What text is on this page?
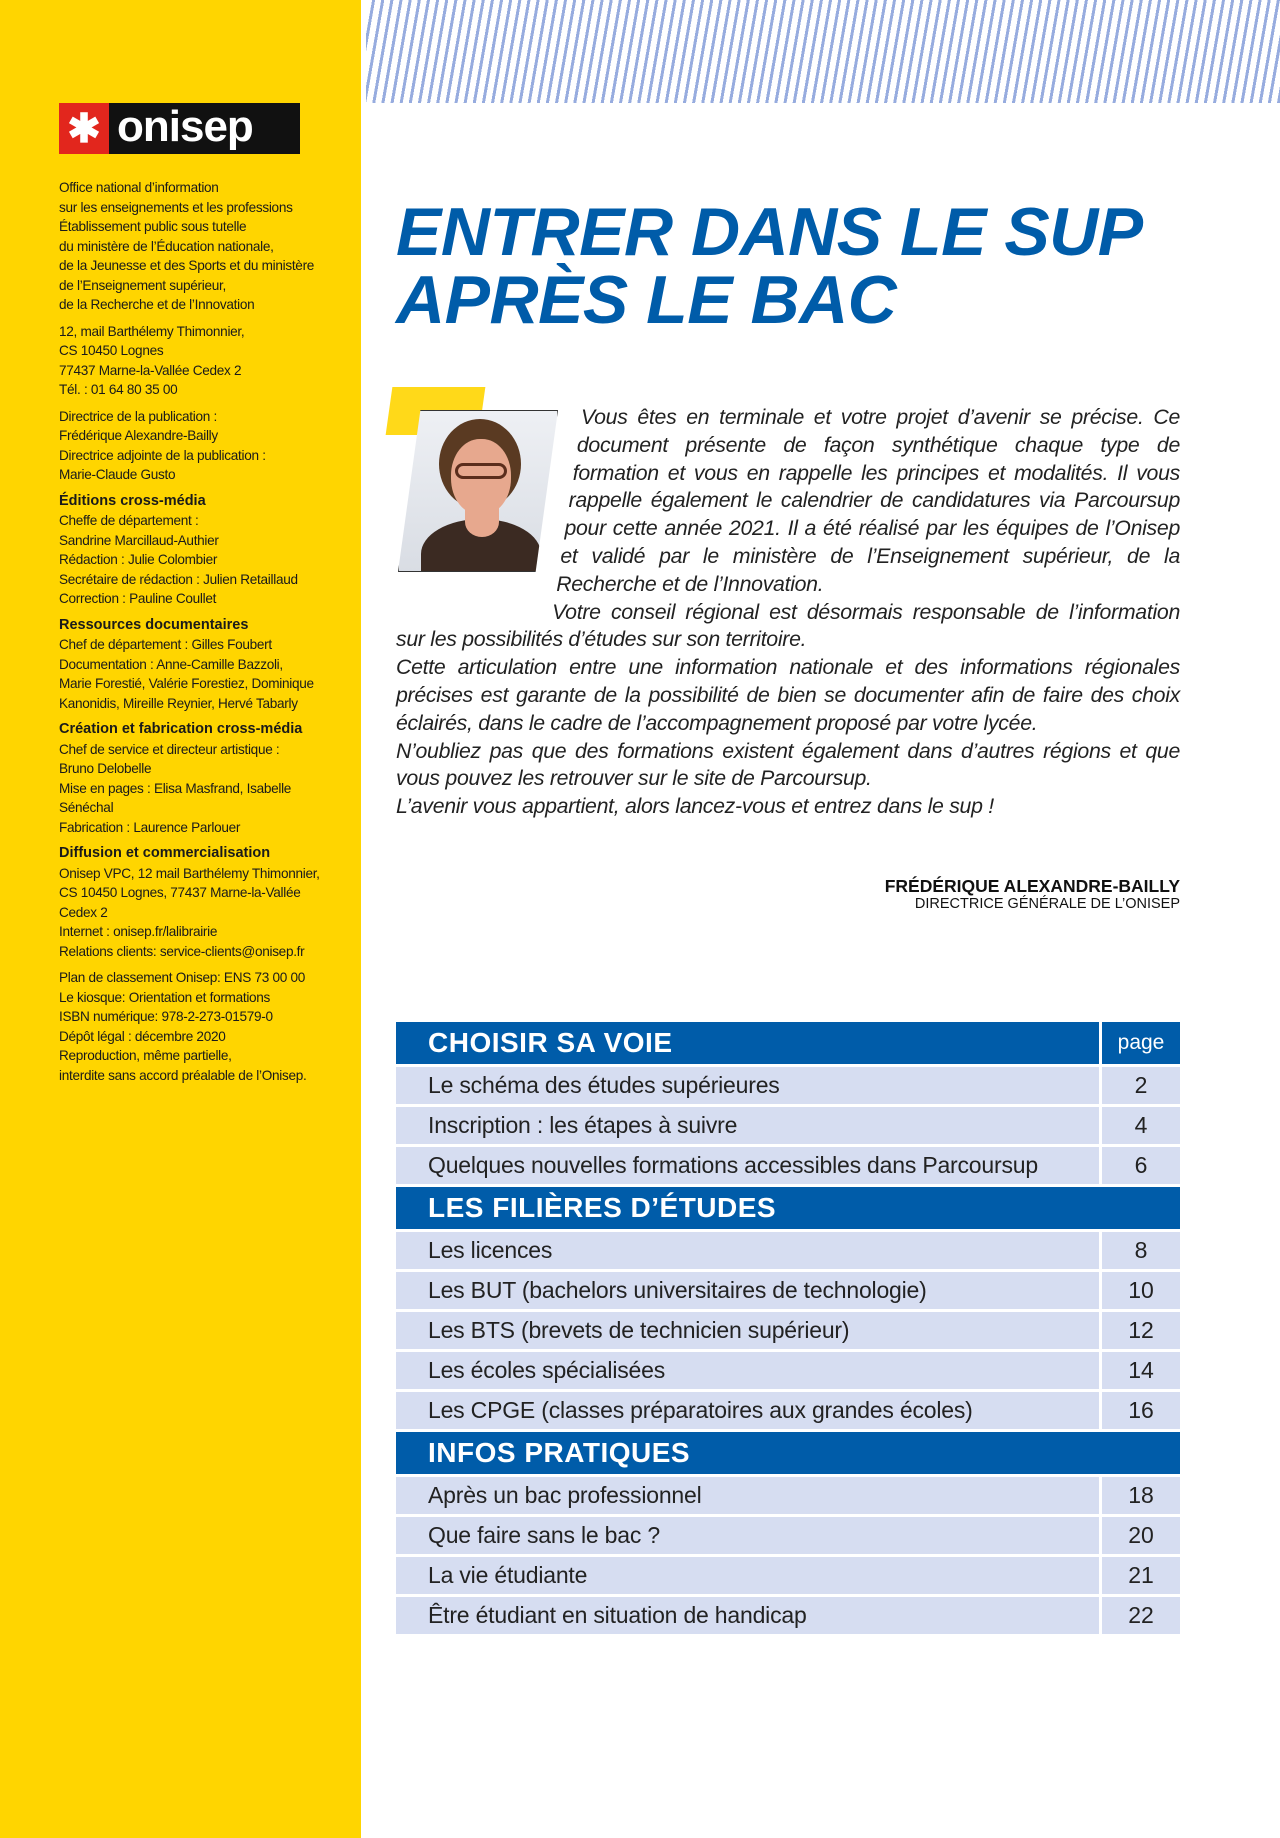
✱ onisep
Office national d’information
sur les enseignements et les professions
Établissement public sous tutelle
du ministère de l’Éducation nationale,
de la Jeunesse et des Sports et du ministère
de l’Enseignement supérieur,
de la Recherche et de l’Innovation
12, mail Barthélemy Thimonnier,
CS 10450 Lognes
77437 Marne-la-Vallée Cedex 2
Tél. : 01 64 80 35 00
Directrice de la publication :
Frédérique Alexandre-Bailly
Directrice adjointe de la publication :
Marie-Claude Gusto
Éditions cross-média
Cheffe de département :
Sandrine Marcillaud-Authier
Rédaction : Julie Colombier
Secrétaire de rédaction : Julien Retaillaud
Correction : Pauline Coullet
Ressources documentaires
Chef de département : Gilles Foubert
Documentation : Anne-Camille Bazzoli,
Marie Forestié, Valérie Forestiez, Dominique
Kanonidis, Mireille Reynier, Hervé Tabarly
Création et fabrication cross-média
Chef de service et directeur artistique :
Bruno Delobelle
Mise en pages : Elisa Masfrand, Isabelle
Sénéchal
Fabrication : Laurence Parlouer
Diffusion et commercialisation
Onisep VPC, 12 mail Barthélemy Thimonnier,
CS 10450 Lognes, 77437 Marne-la-Vallée
Cedex 2
Internet : onisep.fr/lalibrairie
Relations clients: service-clients@onisep.fr
Plan de classement Onisep: ENS 73 00 00
Le kiosque: Orientation et formations
ISBN numérique: 978-2-273-01579-0
Dépôt légal : décembre 2020
Reproduction, même partielle,
interdite sans accord préalable de l’Onisep.
ENTRER DANS LE SUP
APRÈS LE BAC

Vous êtes en terminale et votre projet d’avenir se précise. Ce document présente de façon synthétique chaque type de formation et vous en rappelle les principes et modalités. Il vous rappelle également le calendrier de candidatures via Parcoursup pour cette année 2021. Il a été réalisé par les équipes de l’Onisep et validé par le ministère de l’Enseignement supérieur, de la Recherche et de l’Innovation.

Votre conseil régional est désormais responsable de l’information sur les possibilités d’études sur son territoire.

Cette articulation entre une information nationale et des informations régionales précises est garante de la possibilité de bien se documenter afin de faire des choix éclairés, dans le cadre de l’accompagnement proposé par votre lycée.

N’oubliez pas que des formations existent également dans d’autres régions et que vous pouvez les retrouver sur le site de Parcoursup.

L’avenir vous appartient, alors lancez-vous et entrez dans le sup !

FRÉDÉRIQUE ALEXANDRE-BAILLY
DIRECTRICE GÉNÉRALE DE L’ONISEP
CHOISIR SA VOIE	page
Le schéma des études supérieures	2
Inscription : les étapes à suivre	4
Quelques nouvelles formations accessibles dans Parcoursup	6
LES FILIÈRES D’ÉTUDES
Les licences	8
Les BUT (bachelors universitaires de technologie)	10
Les BTS (brevets de technicien supérieur)	12
Les écoles spécialisées	14
Les CPGE (classes préparatoires aux grandes écoles)	16
INFOS PRATIQUES
Après un bac professionnel	18
Que faire sans le bac ?	20
La vie étudiante	21
Être étudiant en situation de handicap	22
